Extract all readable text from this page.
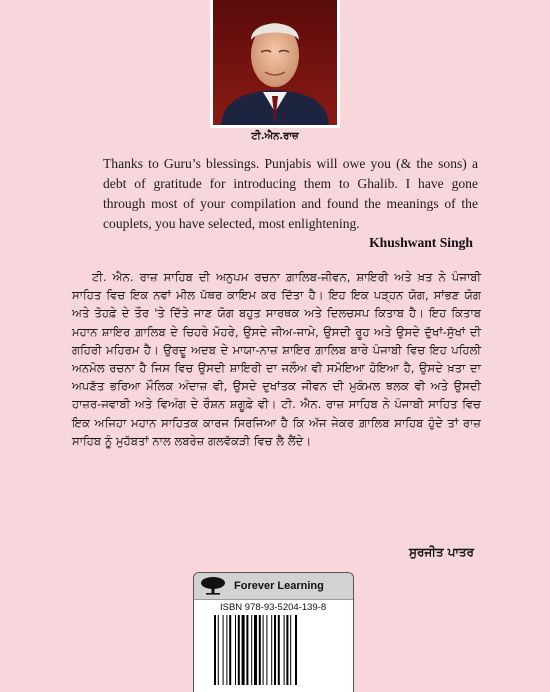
ਟੀ.ਐਨ.ਰਾਜ਼

Thanks to Guru’s blessings. Punjabis will owe you (& the sons) a debt of gratitude for introducing them to Ghalib. I have gone through most of your compilation and found the meanings of the couplets, you have selected, most enlightening.

Khushwant Singh

ਟੀ. ਐਨ. ਰਾਜ਼ ਸਾਹਿਬ ਦੀ ਅਨੁਪਮ ਰਚਨਾ ਗ਼ਾਲਿਬ-ਜੀਵਨ, ਸ਼ਾਇਰੀ ਅਤੇ ਖ਼ਤ ਨੇ ਪੰਜਾਬੀ ਸਾਹਿਤ ਵਿਚ ਇਕ ਨਵਾਂ ਮੀਲ ਪੱਥਰ ਕਾਇਮ ਕਰ ਦਿੱਤਾ ਹੈ। ਇਹ ਇਕ ਪੜ੍ਹਨ ਯੋਗ, ਸਾਂਭਣ ਯੋਗ ਅਤੇ ਤੋਹਫ਼ੇ ਦੇ ਤੌਰ 'ਤੇ ਦਿੱਤੇ ਜਾਣ ਯੋਗ ਬਹੁਤ ਸਾਰਥਕ ਅਤੇ ਦਿਲਚਸਪ ਕਿਤਾਬ ਹੈ। ਇਹ ਕਿਤਾਬ ਮਹਾਨ ਸ਼ਾਇਰ ਗ਼ਾਲਿਬ ਦੇ ਚਿਹਰੇ ਮੋਹਰੇ, ਉਸਦੇ ਜੀਅ-ਜਾਮੇ, ਉਸਦੀ ਰੂਹ ਅਤੇ ਉਸਦੇ ਦੁੱਖਾਂ-ਸੁੱਖਾਂ ਦੀ ਗਹਿਰੀ ਮਹਿਰਮ ਹੈ। ਉਰਦੂ ਅਦਬ ਦੇ ਮਾਯਾ-ਨਾਜ਼ ਸ਼ਾਇਰ ਗ਼ਾਲਿਬ ਬਾਰੇ ਪੰਜਾਬੀ ਵਿਚ ਇਹ ਪਹਿਲੀ ਅਨਮੋਲ ਰਚਨਾ ਹੈ ਜਿਸ ਵਿਚ ਉਸਦੀ ਸ਼ਾਇਰੀ ਦਾ ਜਲੌਅ ਵੀ ਸਮੋਇਆ ਹੋਇਆ ਹੈ, ਉਸਦੇ ਖ਼ਤਾ ਦਾ ਅਪਣੱਤ ਭਰਿਆ ਮੌਲਿਕ ਅੰਦਾਜ਼ ਵੀ, ਉਸਦੇ ਦੁਖਾਂਤਕ ਜੀਵਨ ਦੀ ਮੁਕੰਮਲ ਝਲਕ ਵੀ ਅਤੇ ਉਸਦੀ ਹਾਜ਼ਰ-ਜਵਾਬੀ ਅਤੇ ਵਿਅੰਗ ਦੇ ਰੌਸ਼ਨ ਸ਼ਗੂਫ਼ੇ ਵੀ। ਟੀ. ਐਨ. ਰਾਜ਼ ਸਾਹਿਬ ਨੇ ਪੰਜਾਬੀ ਸਾਹਿਤ ਵਿਚ ਇਕ ਅਜਿਹਾ ਮਹਾਨ ਸਾਹਿਤਕ ਕਾਰਜ ਸਿਰਜਿਆ ਹੈ ਕਿ ਅੱਜ ਜੇਕਰ ਗ਼ਾਲਿਬ ਸਾਹਿਬ ਹੁੰਦੇ ਤਾਂ ਰਾਜ਼ ਸਾਹਿਬ ਨੂੰ ਮੁਹੱਬਤਾਂ ਨਾਲ ਲਬਰੇਜ਼ ਗਲਵੱਕੜੀ ਵਿਚ ਲੈ ਲੈਂਦੇ।

ਸੁਰਜੀਤ ਪਾਤਰ
Forever Learning
ISBN 978-93-5204-139-8
